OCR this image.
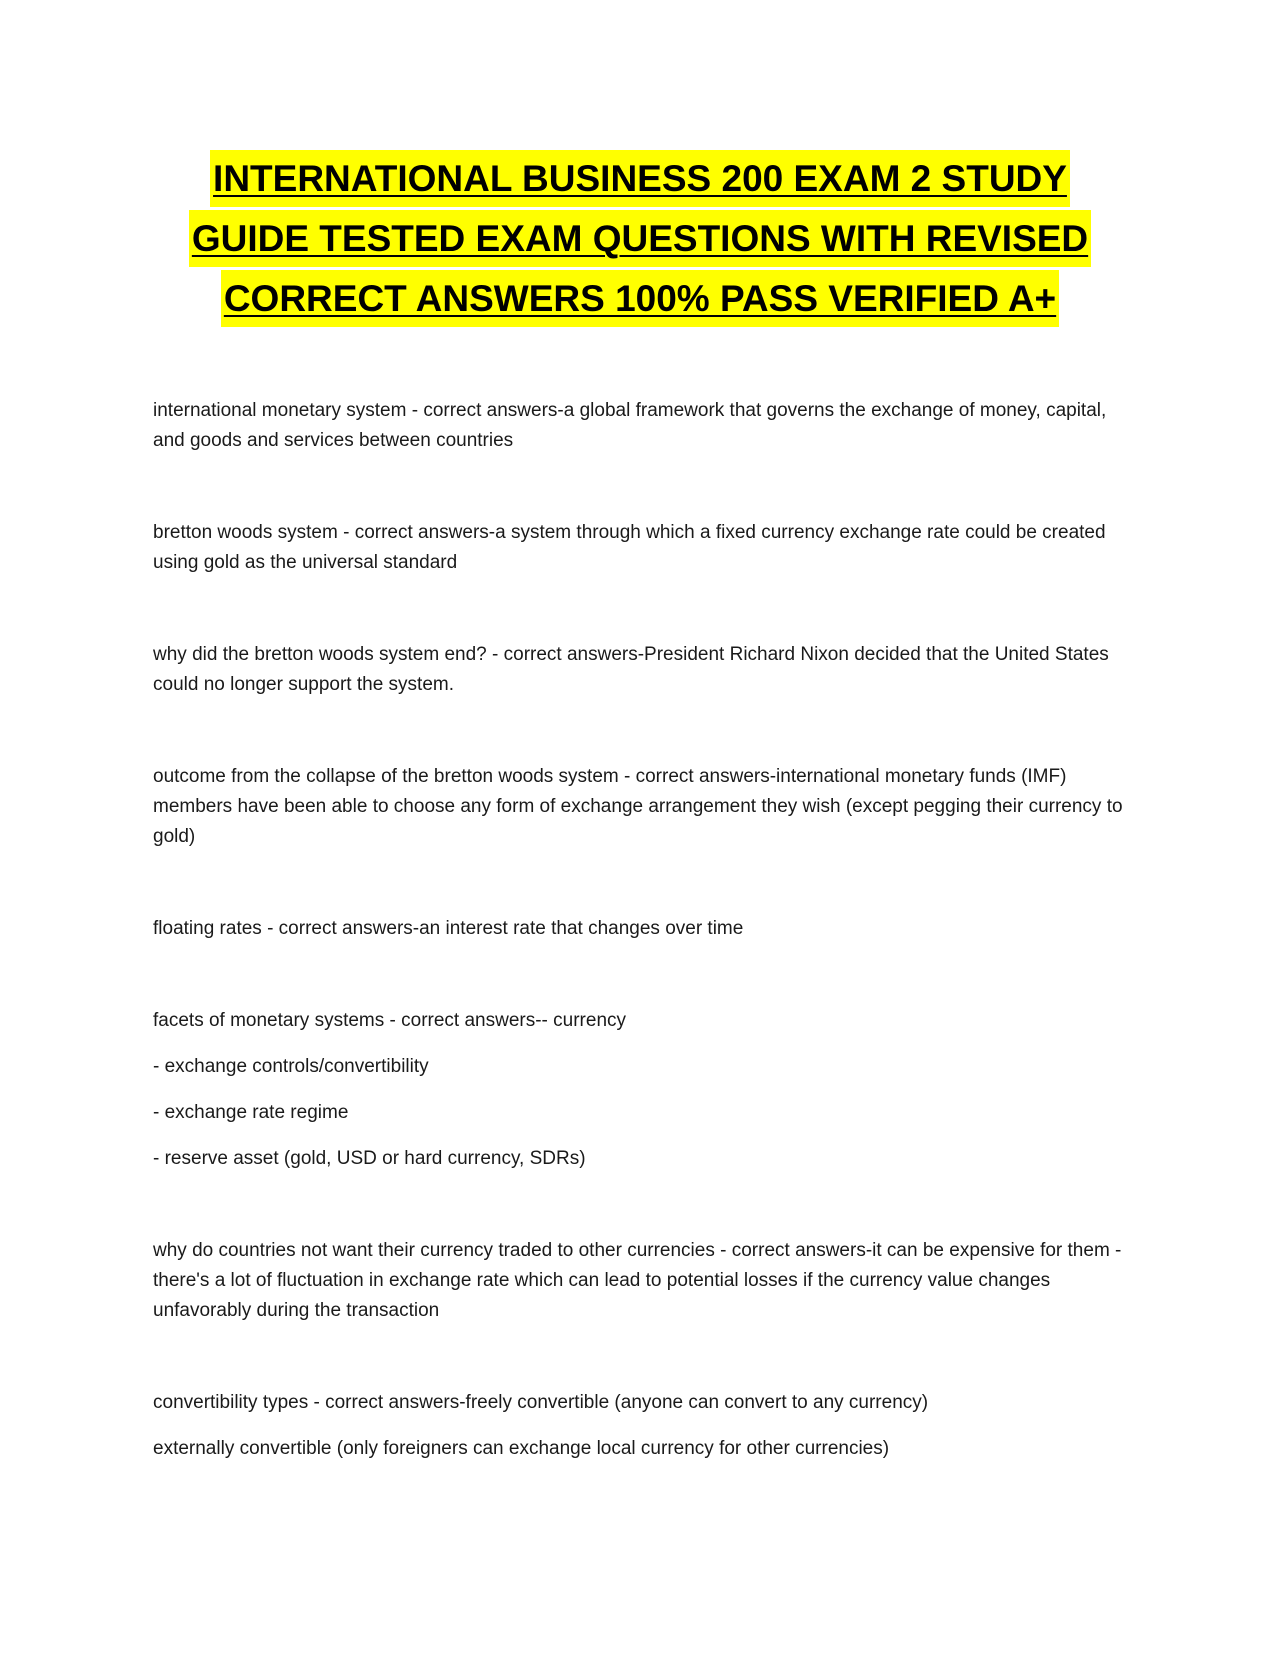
INTERNATIONAL BUSINESS 200 EXAM 2 STUDY
GUIDE TESTED EXAM QUESTIONS WITH REVISED
CORRECT ANSWERS 100% PASS VERIFIED A+

international monetary system - correct answers-a global framework that governs the exchange of money, capital, and goods and services between countries

bretton woods system - correct answers-a system through which a fixed currency exchange rate could be created using gold as the universal standard

why did the bretton woods system end? - correct answers-President Richard Nixon decided that the United States could no longer support the system.

outcome from the collapse of the bretton woods system - correct answers-international monetary funds (IMF) members have been able to choose any form of exchange arrangement they wish (except pegging their currency to gold)

floating rates - correct answers-an interest rate that changes over time

facets of monetary systems - correct answers-- currency

- exchange controls/convertibility

- exchange rate regime

- reserve asset (gold, USD or hard currency, SDRs)

why do countries not want their currency traded to other currencies - correct answers-it can be expensive for them - there's a lot of fluctuation in exchange rate which can lead to potential losses if the currency value changes unfavorably during the transaction

convertibility types - correct answers-freely convertible (anyone can convert to any currency)

externally convertible (only foreigners can exchange local currency for other currencies)
